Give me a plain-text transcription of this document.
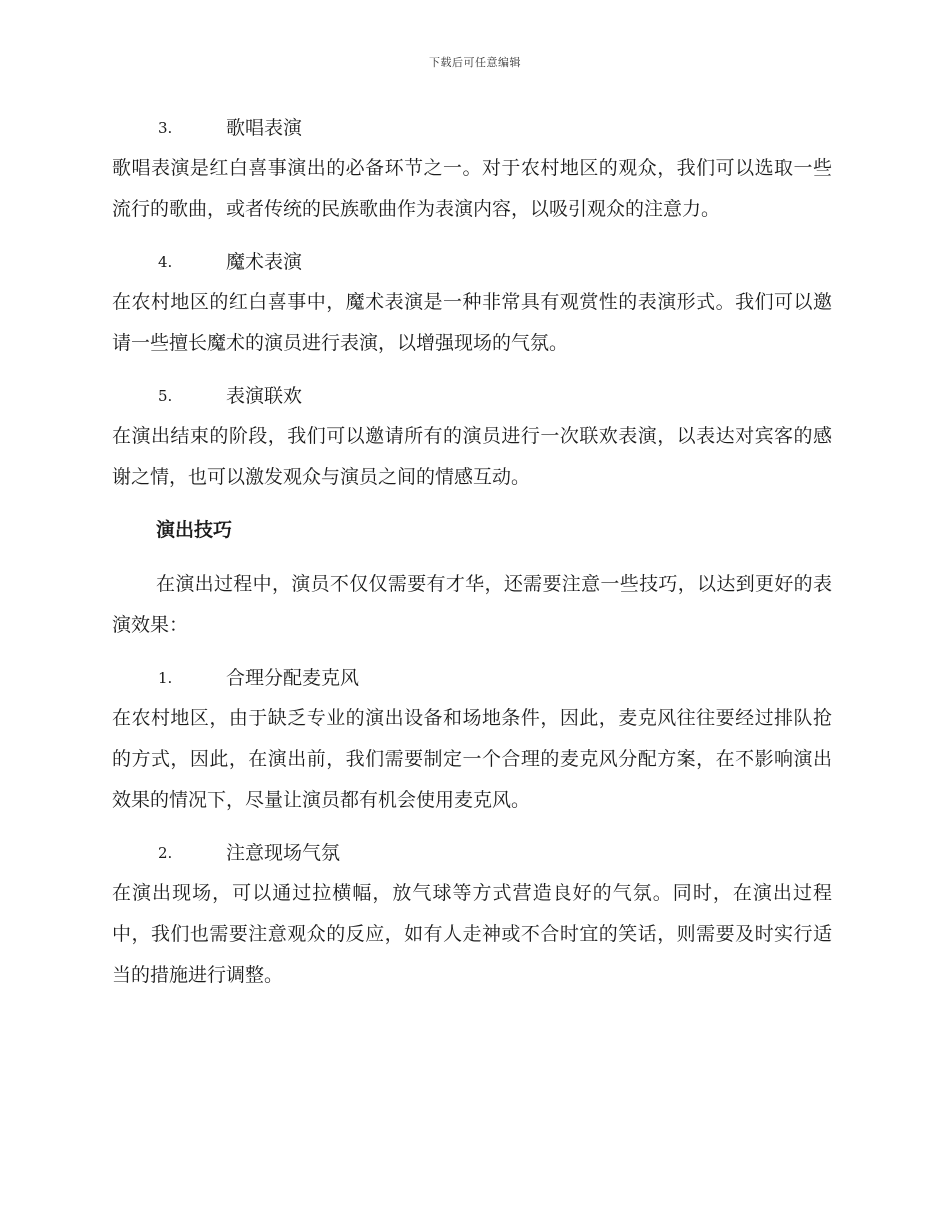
下载后可任意编辑
3.	歌唱表演

歌唱表演是红白喜事演出的必备环节之一。对于农村地区的观众，我们可以选取一些流行的歌曲，或者传统的民族歌曲作为表演内容，以吸引观众的注意力。

4.	魔术表演

在农村地区的红白喜事中，魔术表演是一种非常具有观赏性的表演形式。我们可以邀请一些擅长魔术的演员进行表演，以增强现场的气氛。

5.	表演联欢

在演出结束的阶段，我们可以邀请所有的演员进行一次联欢表演，以表达对宾客的感谢之情，也可以激发观众与演员之间的情感互动。

演出技巧

在演出过程中，演员不仅仅需要有才华，还需要注意一些技巧，以达到更好的表演效果：

1.	合理分配麦克风

在农村地区，由于缺乏专业的演出设备和场地条件，因此，麦克风往往要经过排队抢的方式，因此，在演出前，我们需要制定一个合理的麦克风分配方案，在不影响演出效果的情况下，尽量让演员都有机会使用麦克风。

2.	注意现场气氛

在演出现场，可以通过拉横幅，放气球等方式营造良好的气氛。同时，在演出过程中，我们也需要注意观众的反应，如有人走神或不合时宜的笑话，则需要及时实行适当的措施进行调整。
